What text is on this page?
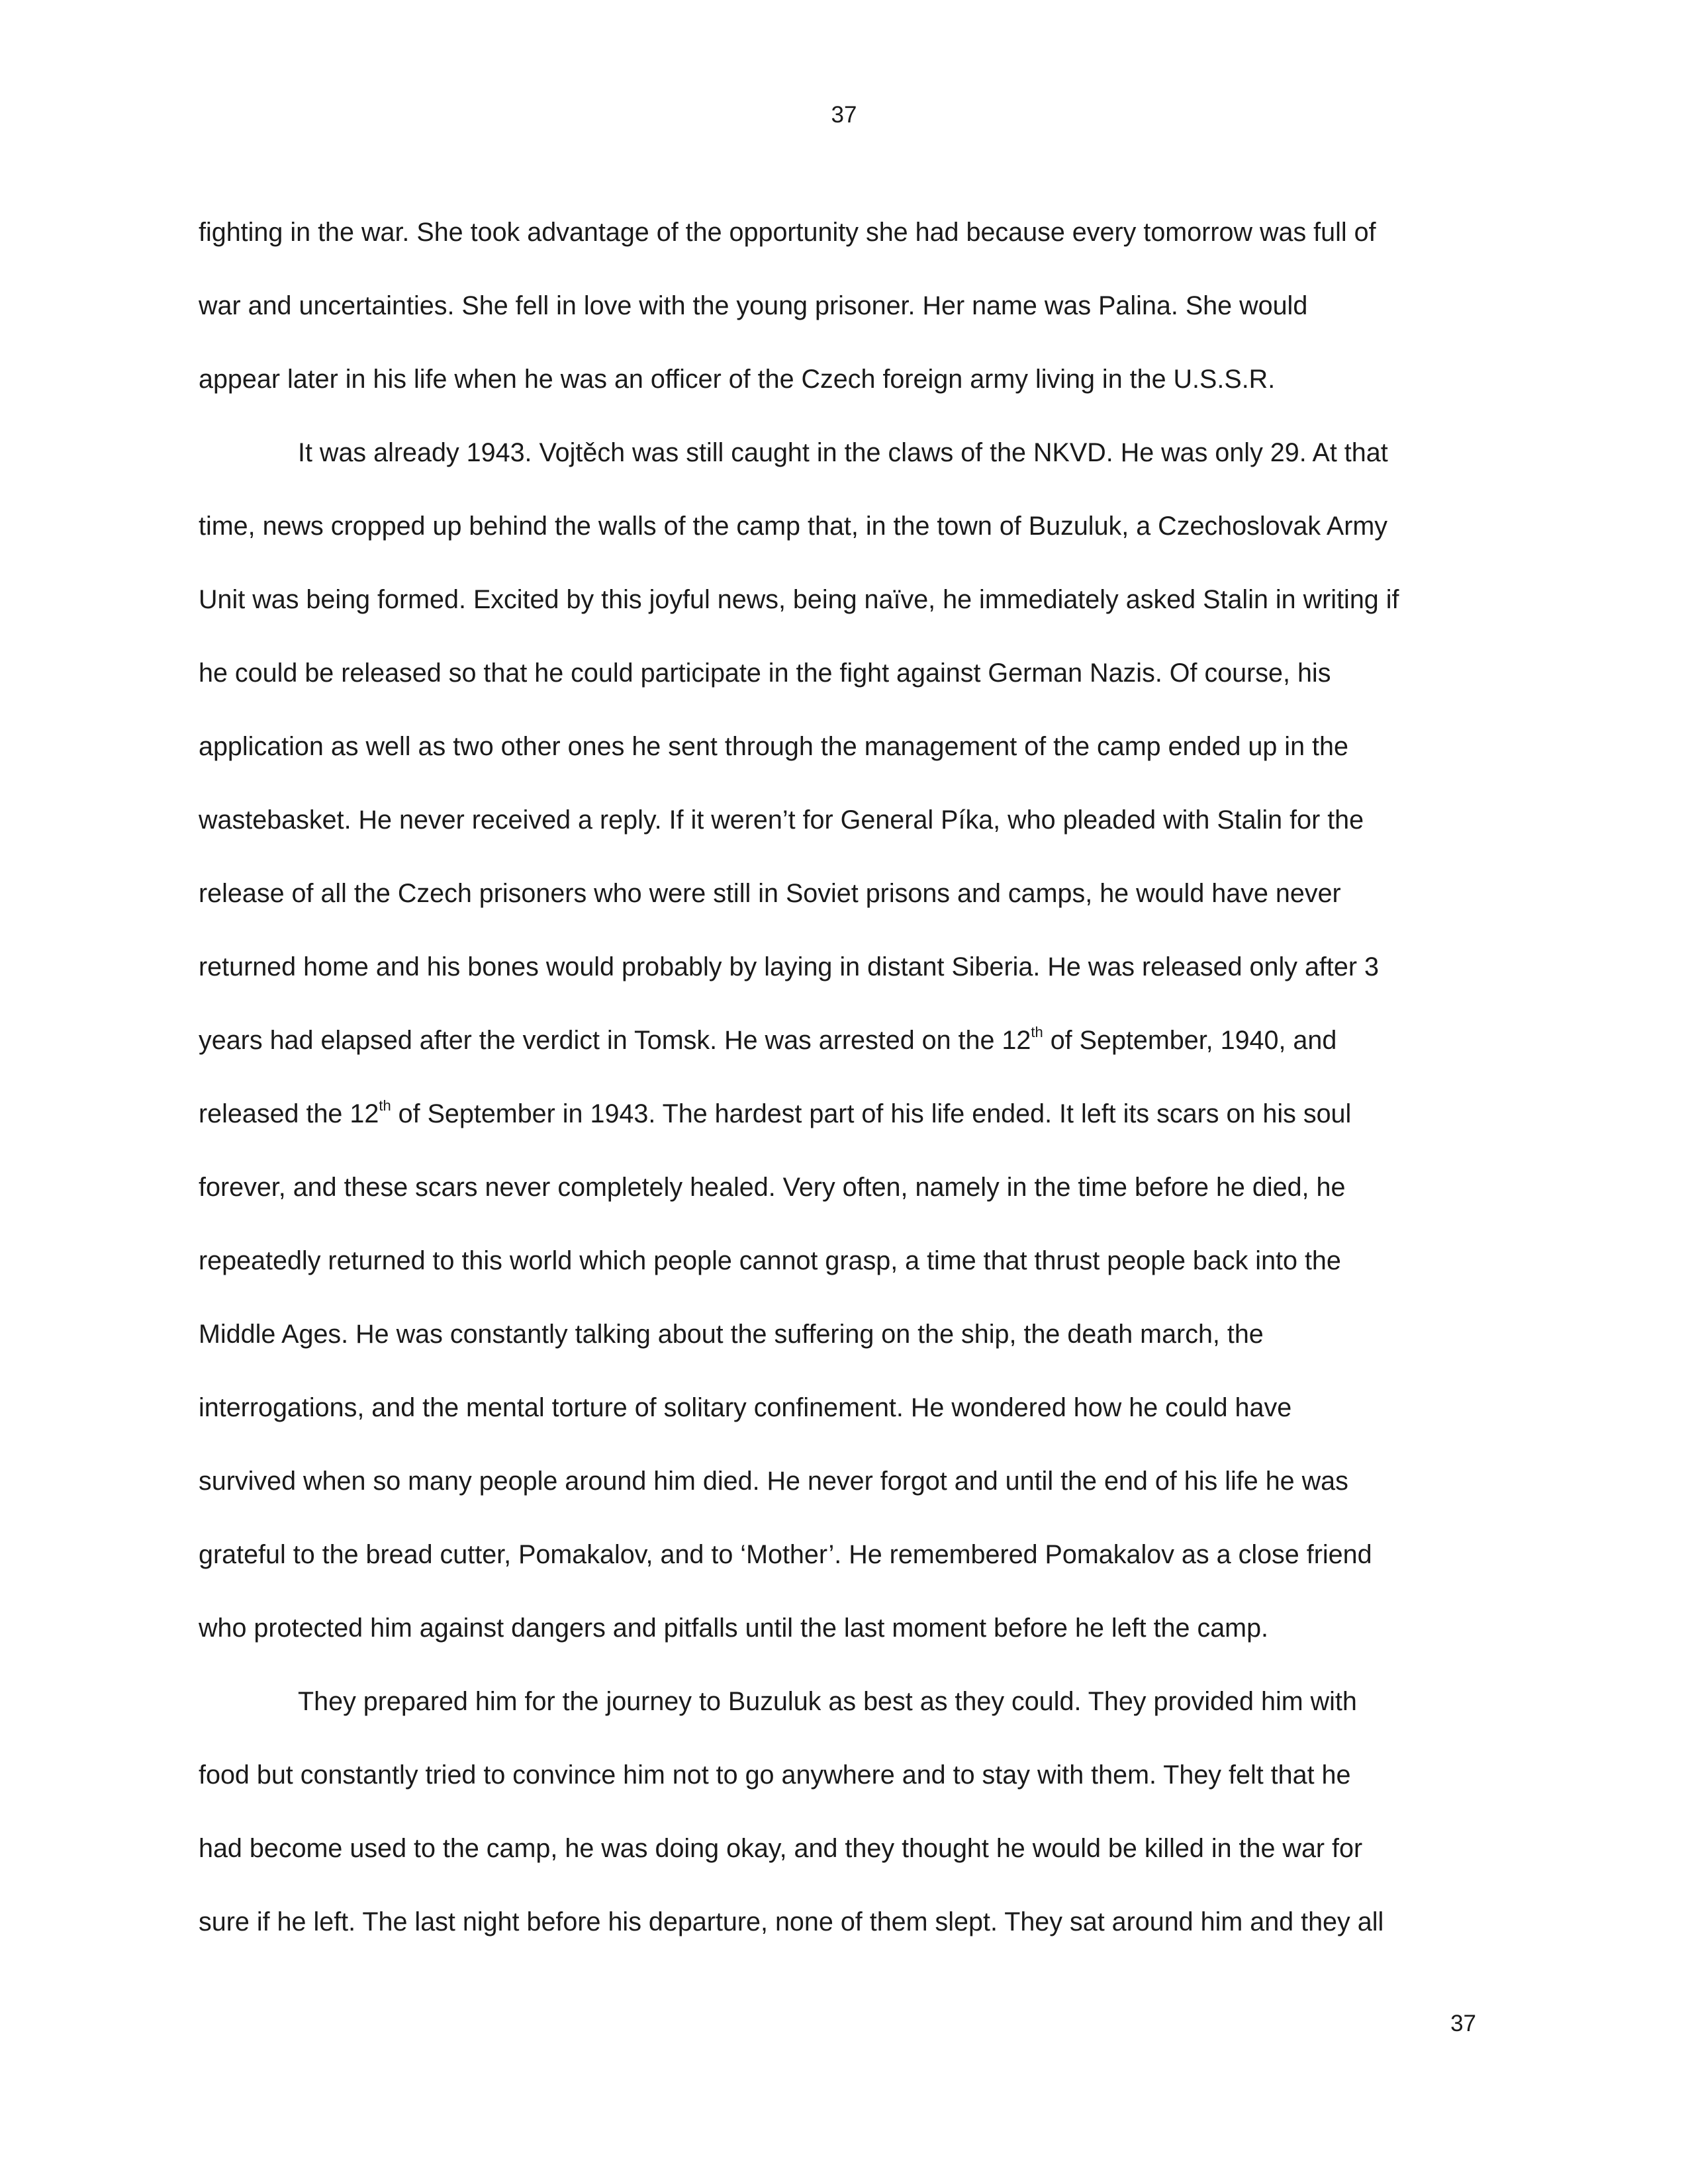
37
fighting in the war. She took advantage of the opportunity she had because every tomorrow was full of
war and uncertainties. She fell in love with the young prisoner. Her name was Palina. She would
appear later in his life when he was an officer of the Czech foreign army living in the U.S.S.R.
It was already 1943. Vojtěch was still caught in the claws of the NKVD. He was only 29. At that
time, news cropped up behind the walls of the camp that, in the town of Buzuluk, a Czechoslovak Army
Unit was being formed. Excited by this joyful news, being naïve, he immediately asked Stalin in writing if
he could be released so that he could participate in the fight against German Nazis. Of course, his
application as well as two other ones he sent through the management of the camp ended up in the
wastebasket. He never received a reply. If it weren’t for General Píka, who pleaded with Stalin for the
release of all the Czech prisoners who were still in Soviet prisons and camps, he would have never
returned home and his bones would probably by laying in distant Siberia. He was released only after 3
years had elapsed after the verdict in Tomsk. He was arrested on the 12th of September, 1940, and
released the 12th of September in 1943. The hardest part of his life ended. It left its scars on his soul
forever, and these scars never completely healed. Very often, namely in the time before he died, he
repeatedly returned to this world which people cannot grasp, a time that thrust people back into the
Middle Ages. He was constantly talking about the suffering on the ship, the death march, the
interrogations, and the mental torture of solitary confinement. He wondered how he could have
survived when so many people around him died. He never forgot and until the end of his life he was
grateful to the bread cutter, Pomakalov, and to ‘Mother’. He remembered Pomakalov as a close friend
who protected him against dangers and pitfalls until the last moment before he left the camp.
They prepared him for the journey to Buzuluk as best as they could. They provided him with
food but constantly tried to convince him not to go anywhere and to stay with them. They felt that he
had become used to the camp, he was doing okay, and they thought he would be killed in the war for
sure if he left. The last night before his departure, none of them slept. They sat around him and they all
37
